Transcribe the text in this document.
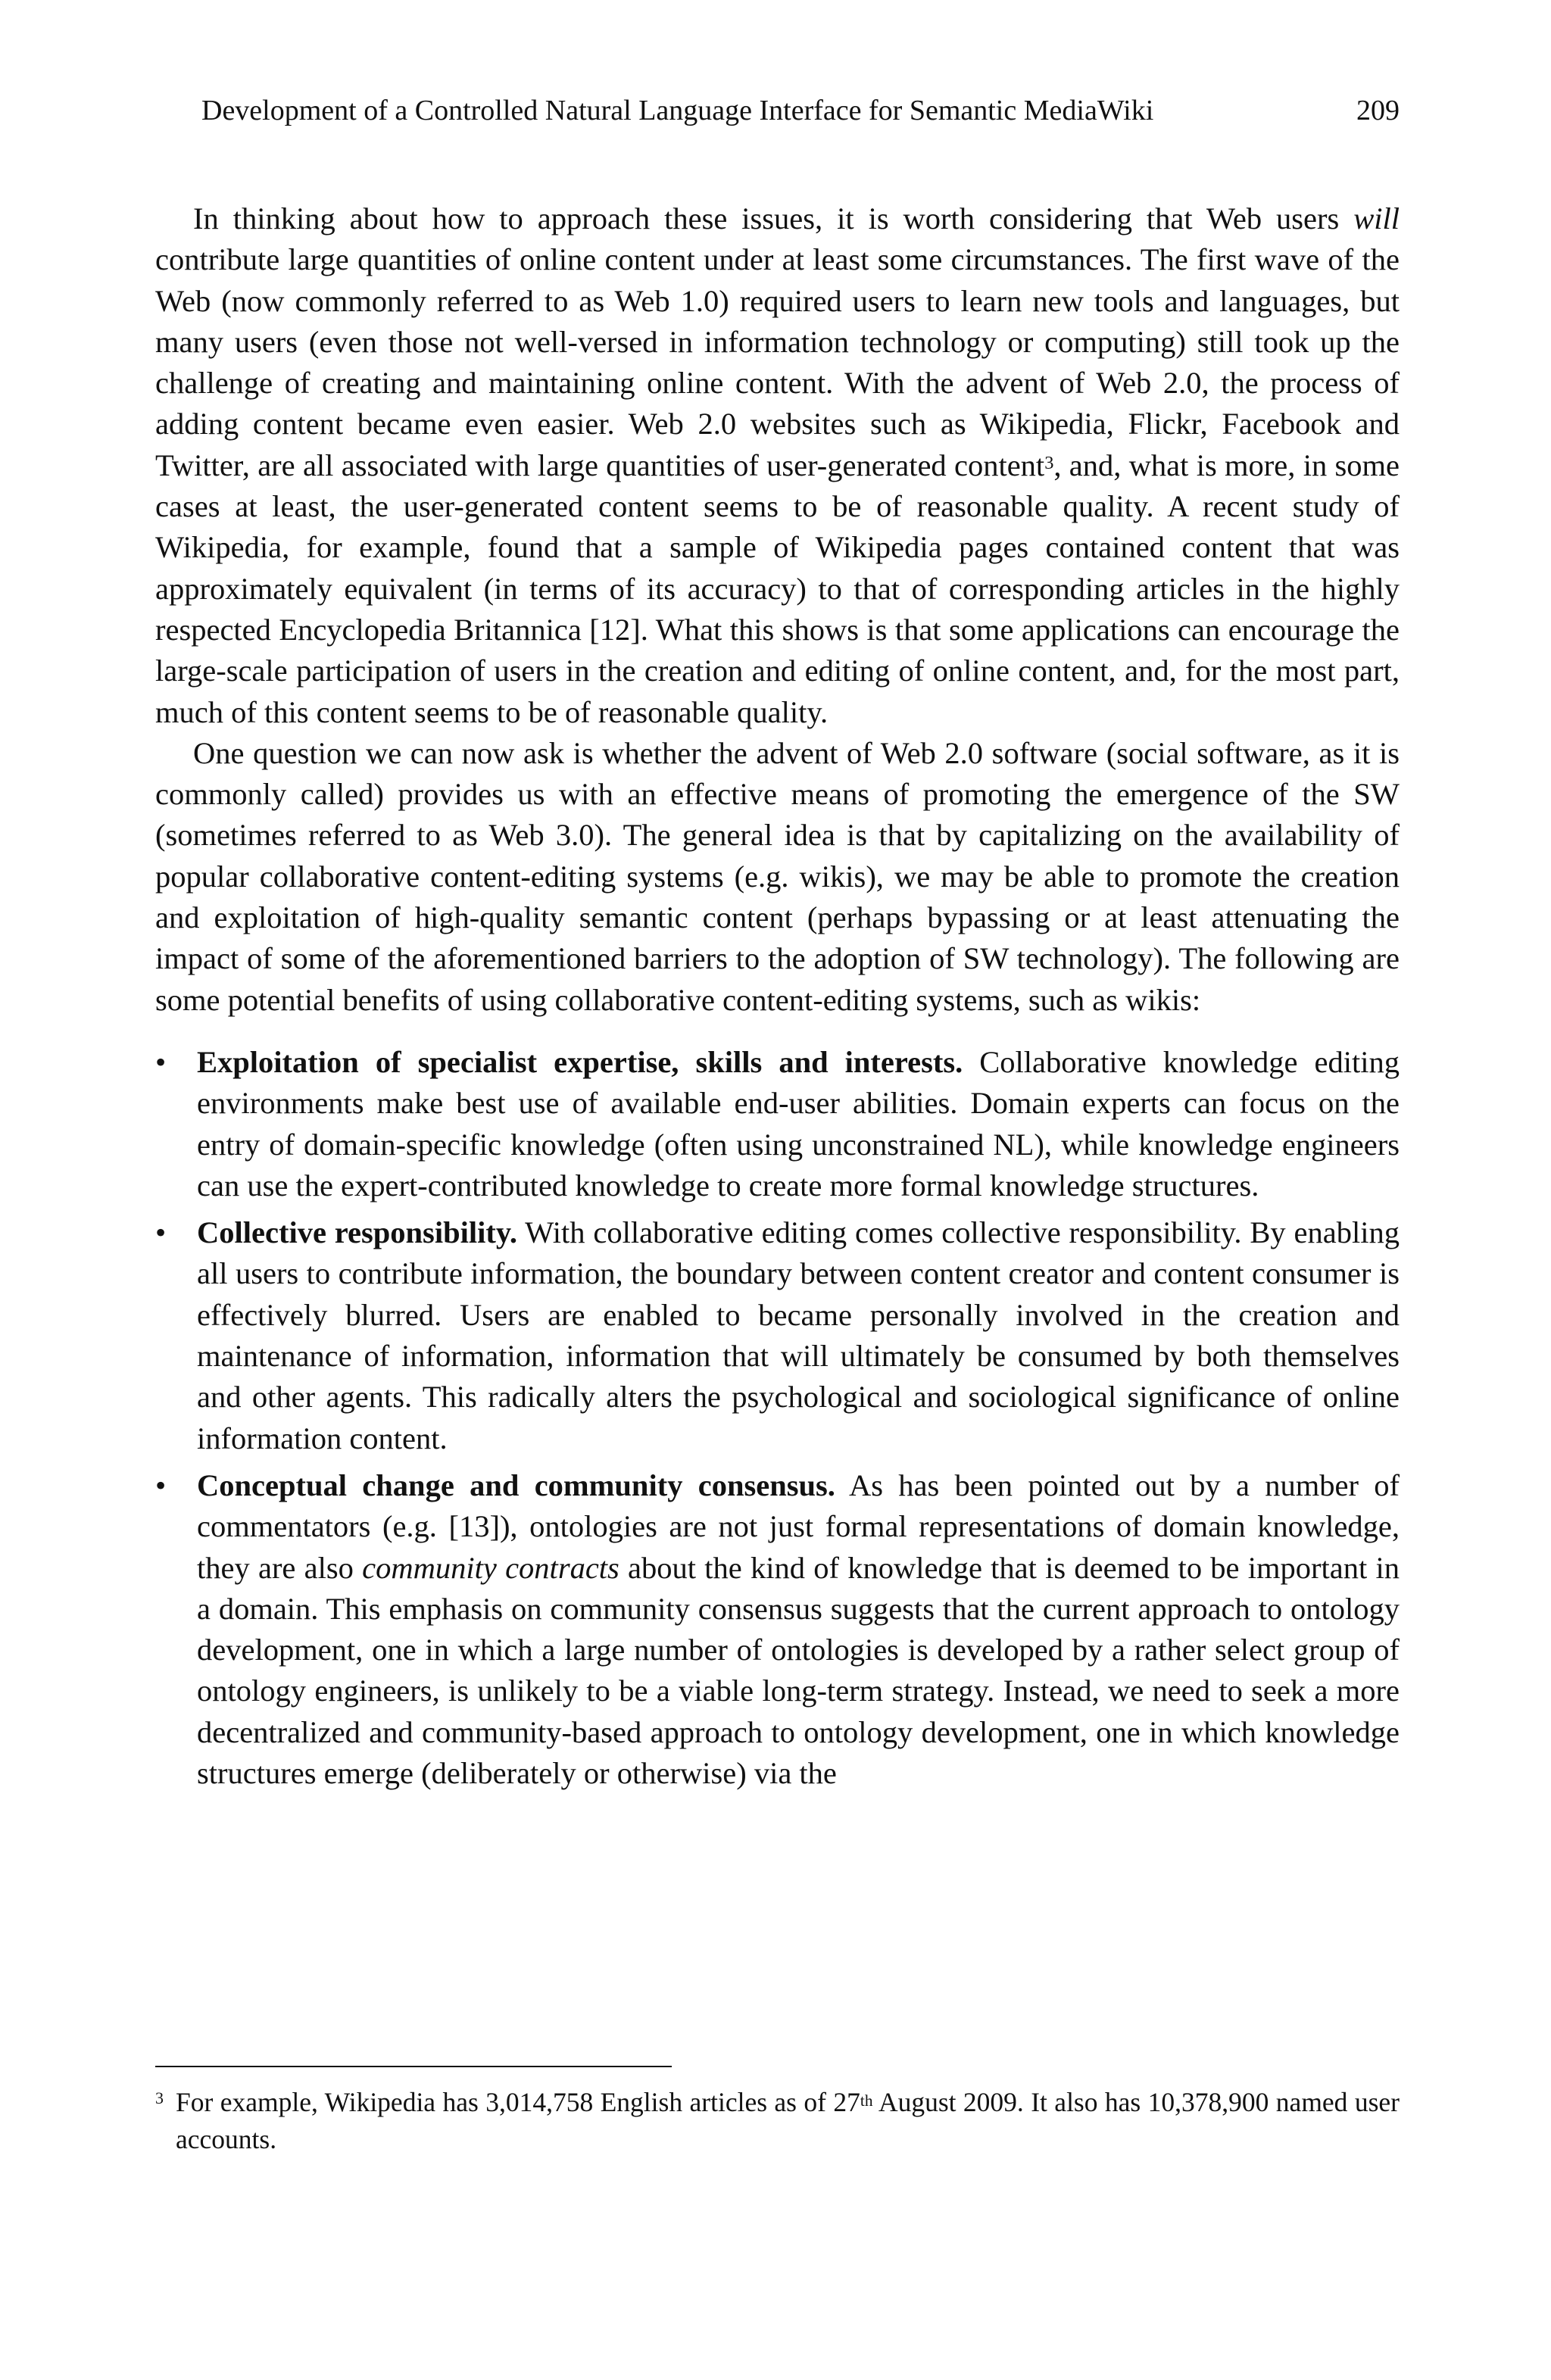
Development of a Controlled Natural Language Interface for Semantic MediaWiki	209

In thinking about how to approach these issues, it is worth considering that Web users will contribute large quantities of online content under at least some circumstances. The first wave of the Web (now commonly referred to as Web 1.0) required users to learn new tools and languages, but many users (even those not well-versed in information technology or computing) still took up the challenge of creating and maintaining online content. With the advent of Web 2.0, the process of adding content became even easier. Web 2.0 websites such as Wikipedia, Flickr, Facebook and Twitter, are all associated with large quantities of user-generated content$^3$, and, what is more, in some cases at least, the user-generated content seems to be of reasonable quality. A recent study of Wikipedia, for example, found that a sample of Wikipedia pages contained content that was approximately equivalent (in terms of its accuracy) to that of corresponding articles in the highly respected Encyclopedia Britannica [12]. What this shows is that some applications can encourage the large-scale participation of users in the creation and editing of online content, and, for the most part, much of this content seems to be of reasonable quality.

One question we can now ask is whether the advent of Web 2.0 software (social software, as it is commonly called) provides us with an effective means of promoting the emergence of the SW (sometimes referred to as Web 3.0). The general idea is that by capitalizing on the availability of popular collaborative content-editing systems (e.g. wikis), we may be able to promote the creation and exploitation of high-quality semantic content (perhaps bypassing or at least attenuating the impact of some of the aforementioned barriers to the adoption of SW technology). The following are some potential benefits of using collaborative content-editing systems, such as wikis:

•	Exploitation of specialist expertise, skills and interests. Collaborative knowledge editing environments make best use of available end-user abilities. Domain experts can focus on the entry of domain-specific knowledge (often using unconstrained NL), while knowledge engineers can use the expert-contributed knowledge to create more formal knowledge structures.
•	Collective responsibility. With collaborative editing comes collective responsibility. By enabling all users to contribute information, the boundary between content creator and content consumer is effectively blurred. Users are enabled to became personally involved in the creation and maintenance of information, information that will ultimately be consumed by both themselves and other agents. This radically alters the psychological and sociological significance of online information content.
•	Conceptual change and community consensus. As has been pointed out by a number of commentators (e.g. [13]), ontologies are not just formal representations of domain knowledge, they are also community contracts about the kind of knowledge that is deemed to be important in a domain. This emphasis on community consensus suggests that the current approach to ontology development, one in which a large number of ontologies is developed by a rather select group of ontology engineers, is unlikely to be a viable long-term strategy. Instead, we need to seek a more decentralized and community-based approach to ontology development, one in which knowledge structures emerge (deliberately or otherwise) via the
3 For example, Wikipedia has 3,014,758 English articles as of 27th August 2009. It also has 10,378,900 named user accounts.
